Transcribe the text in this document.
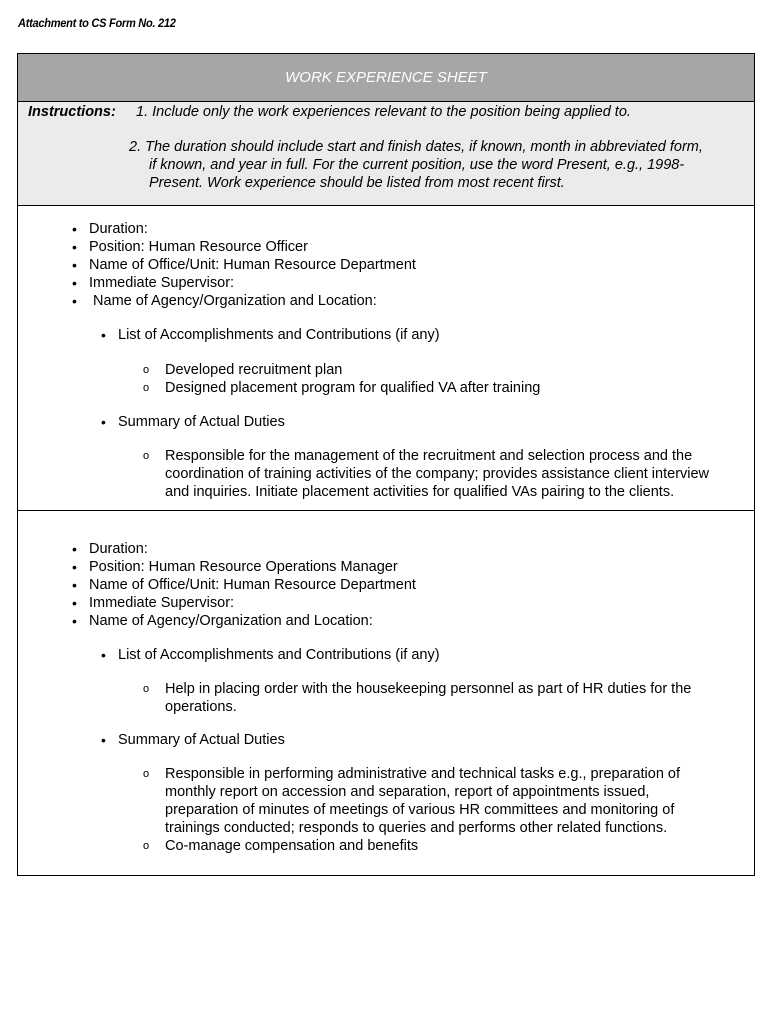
Attachment to CS Form No. 212
WORK EXPERIENCE SHEET
Instructions: 1. Include only the work experiences relevant to the position being applied to.
2. The duration should include start and finish dates, if known, month in abbreviated form,
if known, and year in full. For the current position, use the word Present, e.g., 1998-
Present. Work experience should be listed from most recent first.
• Duration:
• Position: Human Resource Officer
• Name of Office/Unit: Human Resource Department
• Immediate Supervisor:
• Name of Agency/Organization and Location:
• List of Accomplishments and Contributions (if any)
o Developed recruitment plan
o Designed placement program for qualified VA after training
• Summary of Actual Duties
o Responsible for the management of the recruitment and selection process and the coordination of training activities of the company; provides assistance client interview and inquiries. Initiate placement activities for qualified VAs pairing to the clients.
• Duration:
• Position: Human Resource Operations Manager
• Name of Office/Unit: Human Resource Department
• Immediate Supervisor:
• Name of Agency/Organization and Location:
• List of Accomplishments and Contributions (if any)
o Help in placing order with the housekeeping personnel as part of HR duties for the operations.
• Summary of Actual Duties
o Responsible in performing administrative and technical tasks e.g., preparation of monthly report on accession and separation, report of appointments issued, preparation of minutes of meetings of various HR committees and monitoring of trainings conducted; responds to queries and performs other related functions.
o Co-manage compensation and benefits
